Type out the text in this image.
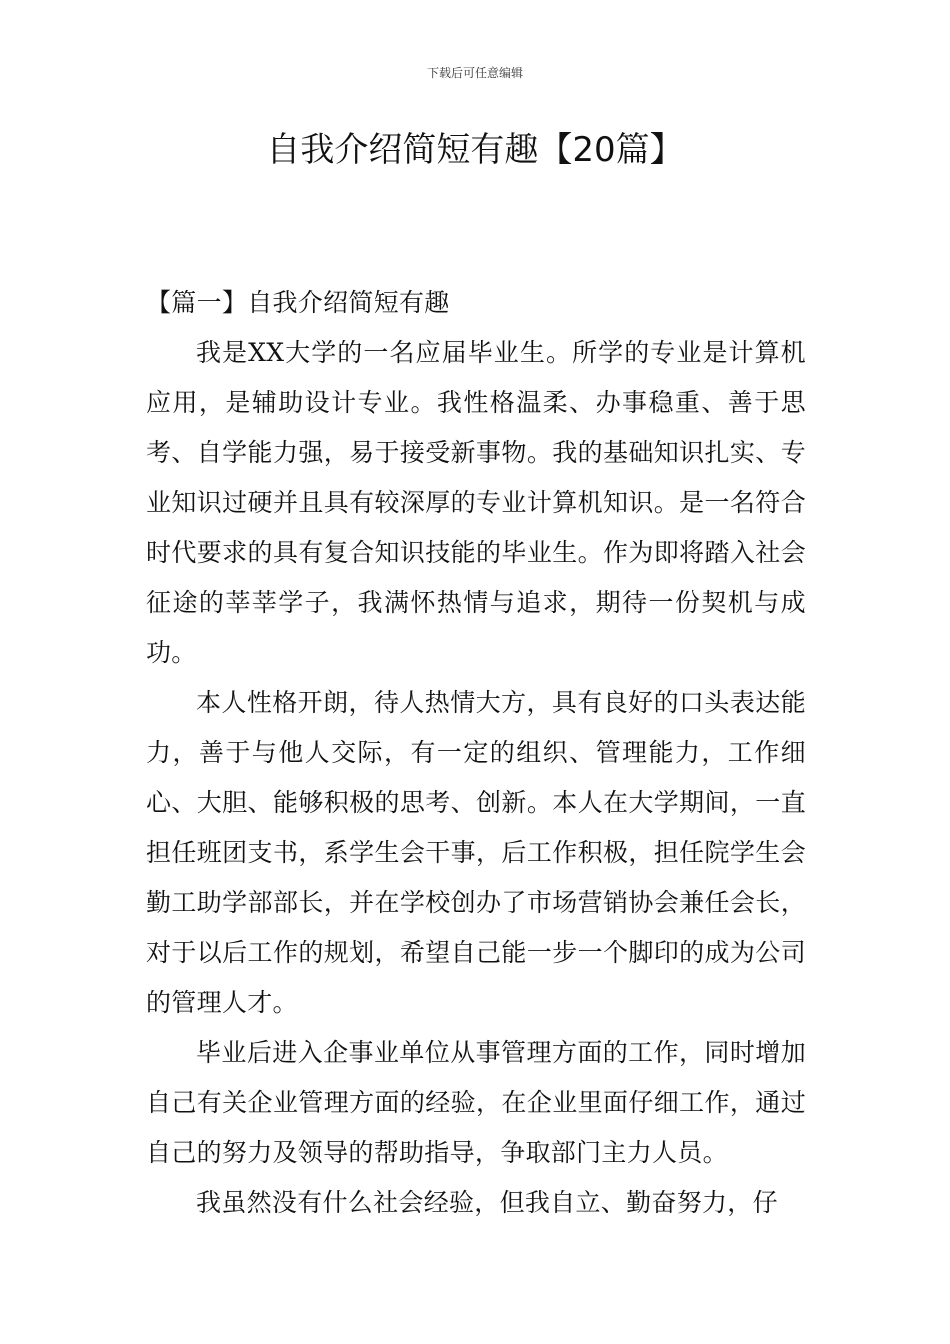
下载后可任意编辑
自我介绍简短有趣【20篇】
【篇一】自我介绍简短有趣

我是XX大学的一名应届毕业生。所学的专业是计算机应用，是辅助设计专业。我性格温柔、办事稳重、善于思考、自学能力强，易于接受新事物。我的基础知识扎实、专业知识过硬并且具有较深厚的专业计算机知识。是一名符合时代要求的具有复合知识技能的毕业生。作为即将踏入社会征途的莘莘学子，我满怀热情与追求，期待一份契机与成功。

本人性格开朗，待人热情大方，具有良好的口头表达能力，善于与他人交际，有一定的组织、管理能力，工作细心、大胆、能够积极的思考、创新。本人在大学期间，一直担任班团支书，系学生会干事，后工作积极，担任院学生会勤工助学部部长，并在学校创办了市场营销协会兼任会长，对于以后工作的规划，希望自己能一步一个脚印的成为公司的管理人才。

毕业后进入企事业单位从事管理方面的工作，同时增加自己有关企业管理方面的经验，在企业里面仔细工作，通过自己的努力及领导的帮助指导，争取部门主力人员。

我虽然没有什么社会经验，但我自立、勤奋努力，仔
